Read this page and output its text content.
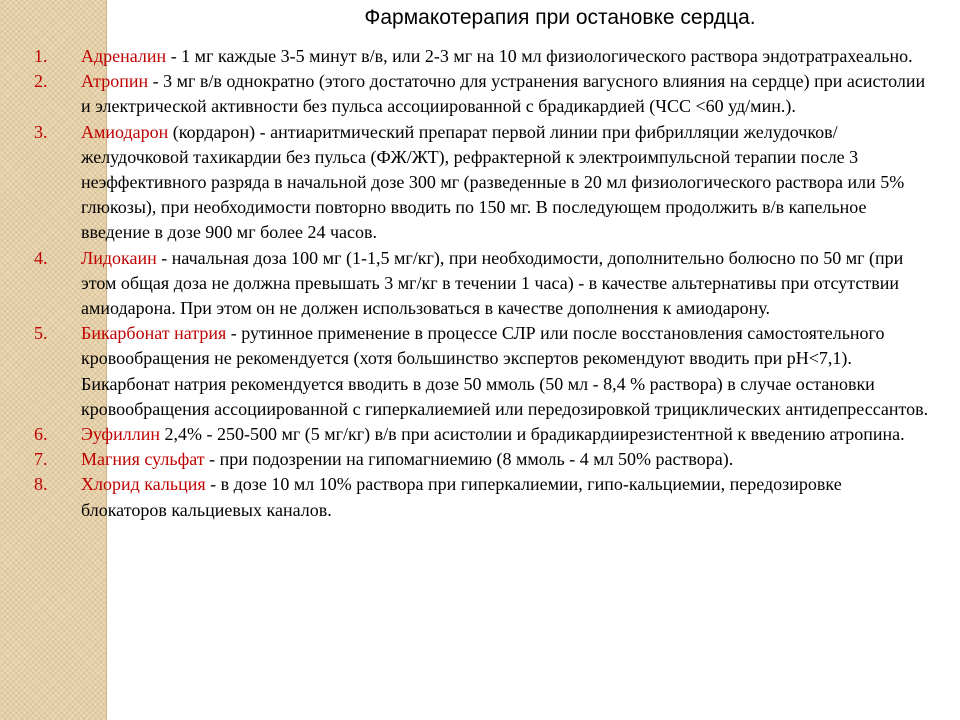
Фармакотерапия при остановке сердца.
1. Адреналин - 1 мг каждые 3-5 минут в/в, или 2-3 мг на 10 мл физиологического раствора эндотратрахеально.
2. Атропин - 3 мг в/в однократно (этого достаточно для устранения вагусного влияния на сердце) при асистолии и электрической активности без пульса ассоциированной с брадикардией (ЧСС <60 уд/мин.).
3. Амиодарон (кордарон) - антиаритмический препарат первой линии при фибрилляции желудочков/желудочковой тахикардии без пульса (ФЖ/ЖТ), рефрактерной к электроимпульсной терапии после 3 неэффективного разряда в начальной дозе 300 мг (разведенные в 20 мл физиологического раствора или 5% глюкозы), при необходимости повторно вводить по 150 мг. В последующем продолжить в/в капельное введение в дозе 900 мг более 24 часов.
4. Лидокаин - начальная доза 100 мг (1-1,5 мг/кг), при необходимости, дополнительно болюсно по 50 мг (при этом общая доза не должна превышать 3 мг/кг в течении 1 часа) - в качестве альтернативы при отсутствии амиодарона. При этом он не должен использоваться в качестве дополнения к амиодарону.
5. Бикарбонат натрия - рутинное применение в процессе СЛР или после восстановления самостоятельного кровообращения не рекомендуется (хотя большинство экспертов рекомендуют вводить при pH<7,1). Бикарбонат натрия рекомендуется вводить в дозе 50 ммоль (50 мл - 8,4 % раствора) в случае остановки кровообращения ассоциированной с гиперкалиемией или передозировкой трициклических антидепрессантов.
6. Эуфиллин 2,4% - 250-500 мг (5 мг/кг) в/в при асистолии и брадикардиирезистентной к введению атропина.
7. Магния сульфат - при подозрении на гипомагниемию (8 ммоль - 4 мл 50% раствора).
8. Хлорид кальция - в дозе 10 мл 10% раствора при гиперкалиемии, гипо-кальциемии, передозировке блокаторов кальциевых каналов.
